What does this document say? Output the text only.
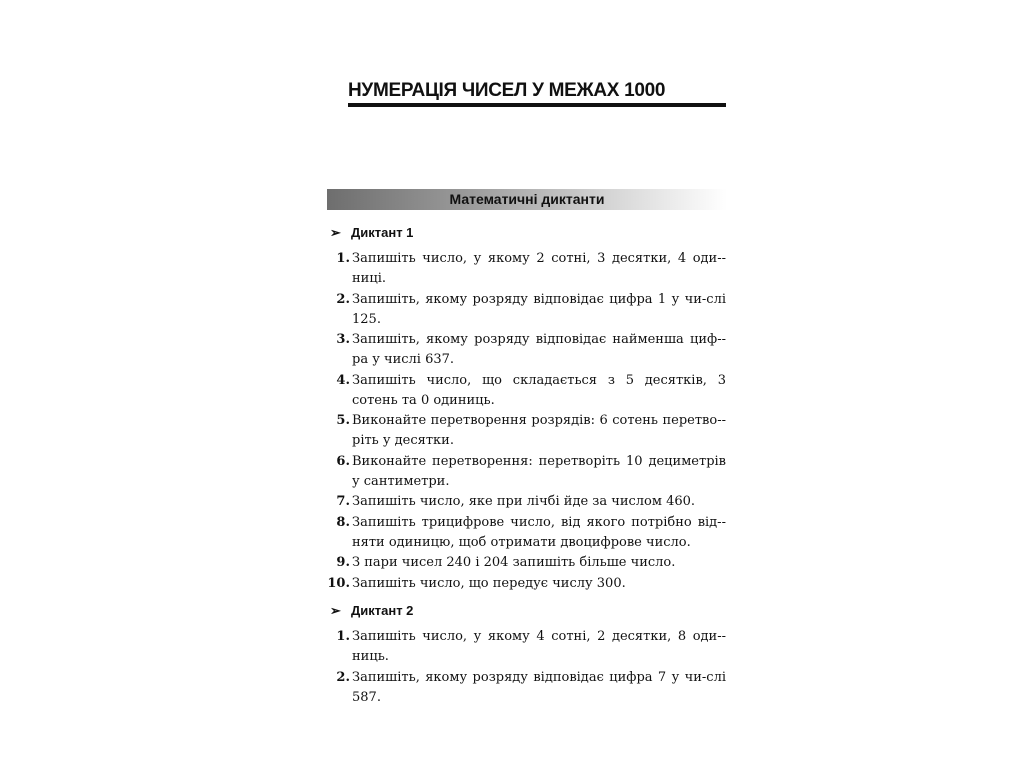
НУМЕРАЦІЯ ЧИСЕЛ У МЕЖАХ 1000
Математичні диктанти
➢ Диктант 1
1. Запишіть число, у якому 2 сотні, 3 десятки, 4 оди-ниці.
2. Запишіть, якому розряду відповідає цифра 1 у чи-слі 125.
3. Запишіть, якому розряду відповідає найменша циф-ра у числі 637.
4. Запишіть число, що складається з 5 десятків, 3 сотень та 0 одиниць.
5. Виконайте перетворення розрядів: 6 сотень перетво-ріть у десятки.
6. Виконайте перетворення: перетворіть 10 дециметрів у сантиметри.
7. Запишіть число, яке при лічбі йде за числом 460.
8. Запишіть трицифрове число, від якого потрібно від-няти одиницю, щоб отримати двоцифрове число.
9. З пари чисел 240 і 204 запишіть більше число.
10. Запишіть число, що передує числу 300.
➢ Диктант 2
1. Запишіть число, у якому 4 сотні, 2 десятки, 8 оди-ниць.
2. Запишіть, якому розряду відповідає цифра 7 у чи-слі 587.
